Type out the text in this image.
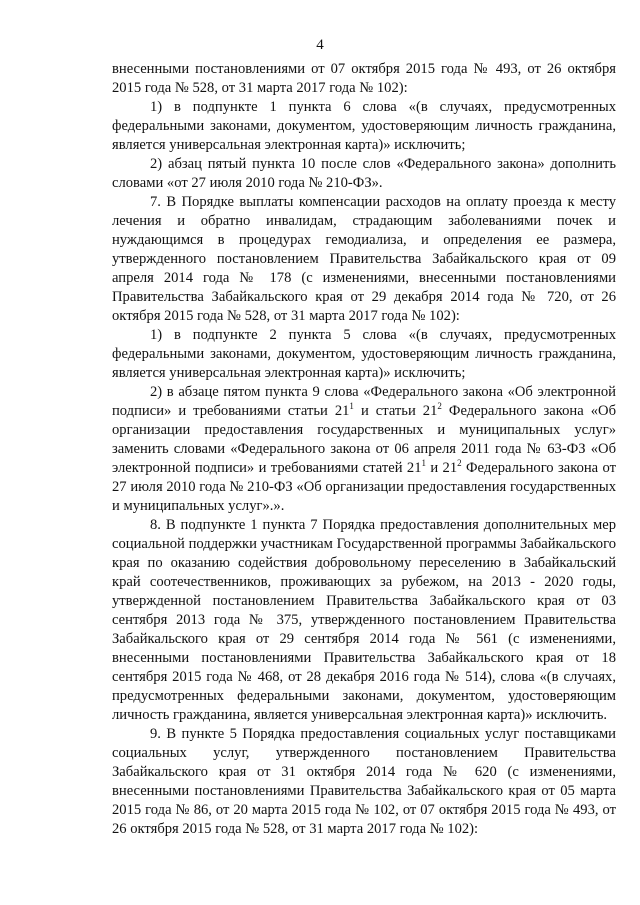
4

внесенными постановлениями от 07 октября 2015 года № 493, от 26 октября 2015 года № 528, от 31 марта 2017 года № 102):

1) в подпункте 1 пункта 6 слова «(в случаях, предусмотренных федеральными законами, документом, удостоверяющим личность гражданина, является универсальная электронная карта)» исключить;

2) абзац пятый пункта 10 после слов «Федерального закона» дополнить словами «от 27 июля 2010 года № 210-ФЗ».

7. В Порядке выплаты компенсации расходов на оплату проезда к месту лечения и обратно инвалидам, страдающим заболеваниями почек и нуждающимся в процедурах гемодиализа, и определения ее размера, утвержденного постановлением Правительства Забайкальского края от 09 апреля 2014 года № 178 (с изменениями, внесенными постановлениями Правительства Забайкальского края от 29 декабря 2014 года № 720, от 26 октября 2015 года № 528, от 31 марта 2017 года № 102):

1) в подпункте 2 пункта 5 слова «(в случаях, предусмотренных федеральными законами, документом, удостоверяющим личность гражданина, является универсальная электронная карта)» исключить;

2) в абзаце пятом пункта 9 слова «Федерального закона «Об электронной подписи» и требованиями статьи $21^1$ и статьи $21^2$ Федерального закона «Об организации предоставления государственных и муниципальных услуг» заменить словами «Федерального закона от 06 апреля 2011 года № 63-ФЗ «Об электронной подписи» и требованиями статей $21^1$ и $21^2$ Федерального закона от 27 июля 2010 года № 210-ФЗ «Об организации предоставления государственных и муниципальных услуг».».

8. В подпункте 1 пункта 7 Порядка предоставления дополнительных мер социальной поддержки участникам Государственной программы Забайкальского края по оказанию содействия добровольному переселению в Забайкальский край соотечественников, проживающих за рубежом, на 2013 - 2020 годы, утвержденной постановлением Правительства Забайкальского края от 03 сентября 2013 года № 375, утвержденного постановлением Правительства Забайкальского края от 29 сентября 2014 года № 561 (с изменениями, внесенными постановлениями Правительства Забайкальского края от 18 сентября 2015 года № 468, от 28 декабря 2016 года № 514), слова «(в случаях, предусмотренных федеральными законами, документом, удостоверяющим личность гражданина, является универсальная электронная карта)» исключить.

9. В пункте 5 Порядка предоставления социальных услуг поставщиками социальных услуг, утвержденного постановлением Правительства Забайкальского края от 31 октября 2014 года № 620 (с изменениями, внесенными постановлениями Правительства Забайкальского края от 05 марта 2015 года № 86, от 20 марта 2015 года № 102, от 07 октября 2015 года № 493, от 26 октября 2015 года № 528, от 31 марта 2017 года № 102):
